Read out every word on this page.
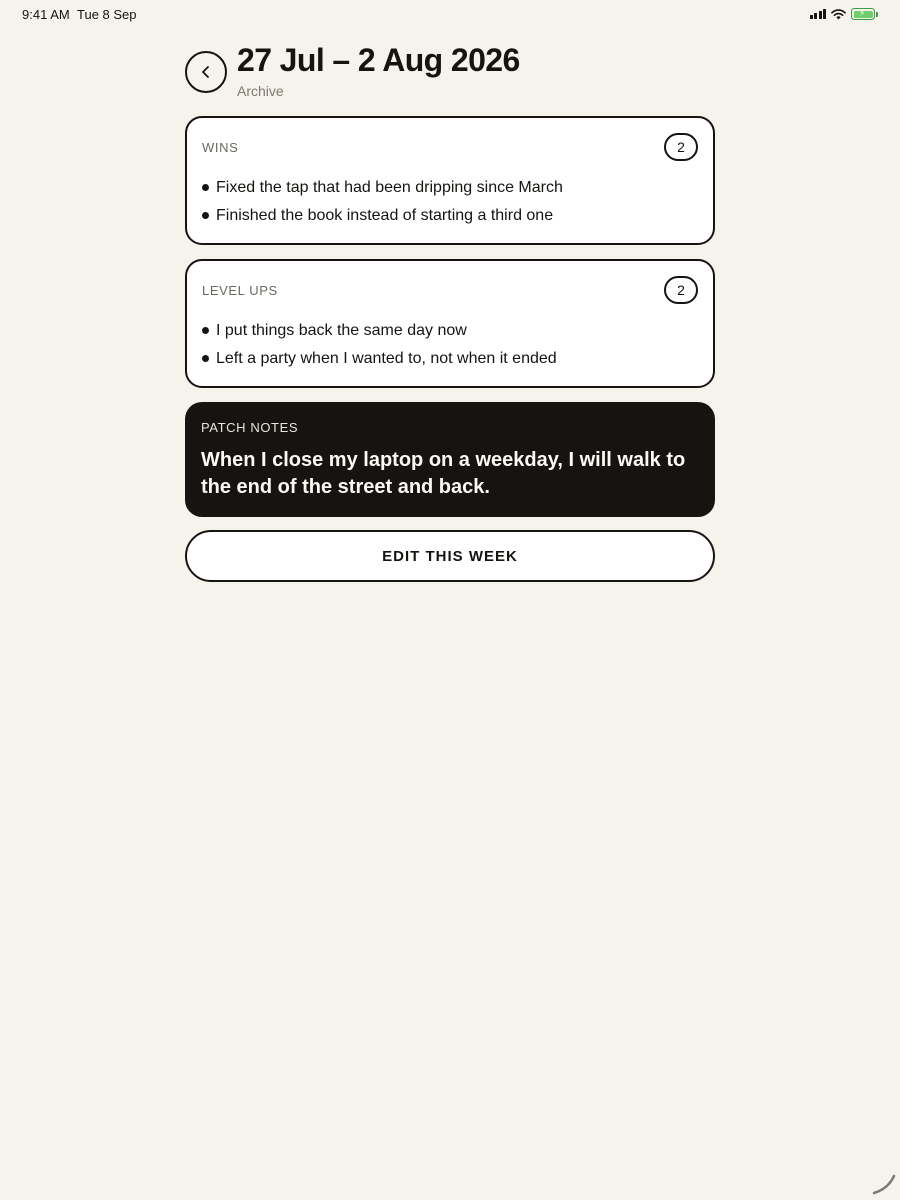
9:41 AM Tue 8 Sep	⚡
27 Jul – 2 Aug 2026
Archive
WINS	2
Fixed the tap that had been dripping since March
Finished the book instead of starting a third one
LEVEL UPS	2
I put things back the same day now
Left a party when I wanted to, not when it ended
PATCH NOTES
When I close my laptop on a weekday, I will walk to the end of the street and back.
EDIT THIS WEEK
